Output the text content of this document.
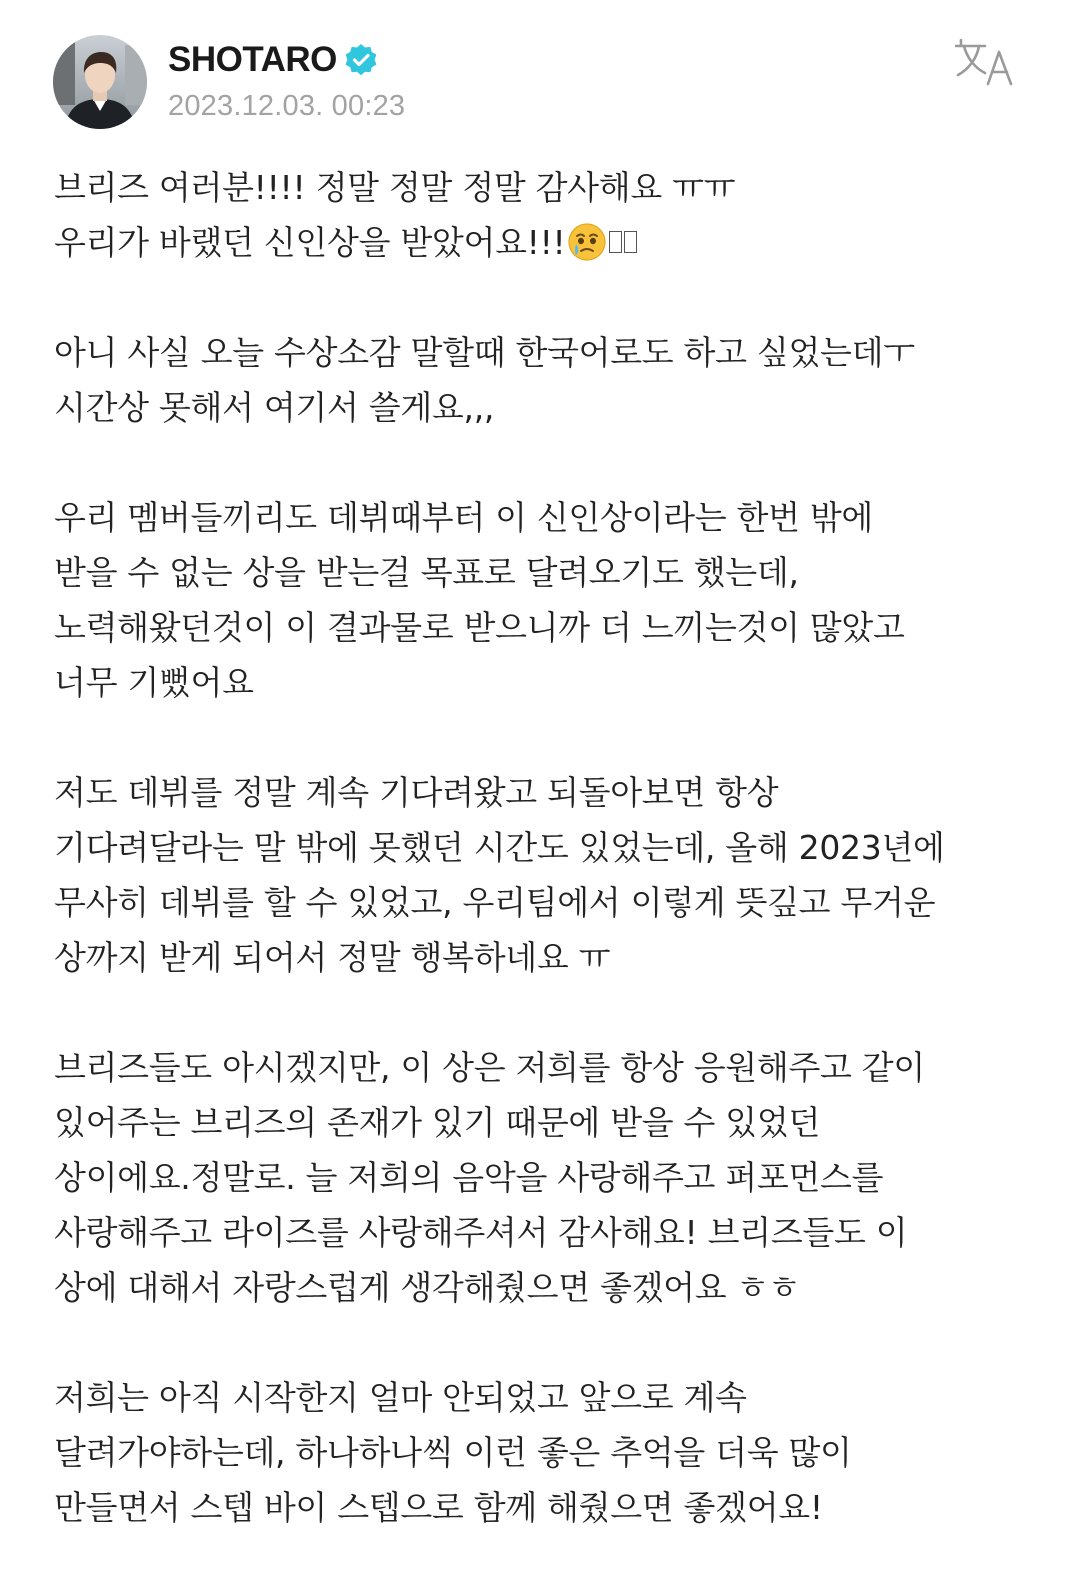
SHOTARO
2023.12.03. 00:23
브리즈 여러분!!!! 정말 정말 정말 감사해요 ㅠㅠ
우리가 바랬던 신인상을 받았어요!!!
아니 사실 오늘 수상소감 말할때 한국어로도 하고 싶었는데ㅜ
시간상 못해서 여기서 쓸게요,,,
우리 멤버들끼리도 데뷔때부터 이 신인상이라는 한번 밖에
받을 수 없는 상을 받는걸 목표로 달려오기도 했는데,
노력해왔던것이 이 결과물로 받으니까 더 느끼는것이 많았고
너무 기뻤어요
저도 데뷔를 정말 계속 기다려왔고 되돌아보면 항상
기다려달라는 말 밖에 못했던 시간도 있었는데, 올해 2023년에
무사히 데뷔를 할 수 있었고, 우리팀에서 이렇게 뜻깊고 무거운
상까지 받게 되어서 정말 행복하네요 ㅠ
브리즈들도 아시겠지만, 이 상은 저희를 항상 응원해주고 같이
있어주는 브리즈의 존재가 있기 때문에 받을 수 있었던
상이에요.정말로. 늘 저희의 음악을 사랑해주고 퍼포먼스를
사랑해주고 라이즈를 사랑해주셔서 감사해요! 브리즈들도 이
상에 대해서 자랑스럽게 생각해줬으면 좋겠어요 ㅎㅎ
저희는 아직 시작한지 얼마 안되었고 앞으로 계속
달려가야하는데, 하나하나씩 이런 좋은 추억을 더욱 많이
만들면서 스텝 바이 스텝으로 함께 해줬으면 좋겠어요!
